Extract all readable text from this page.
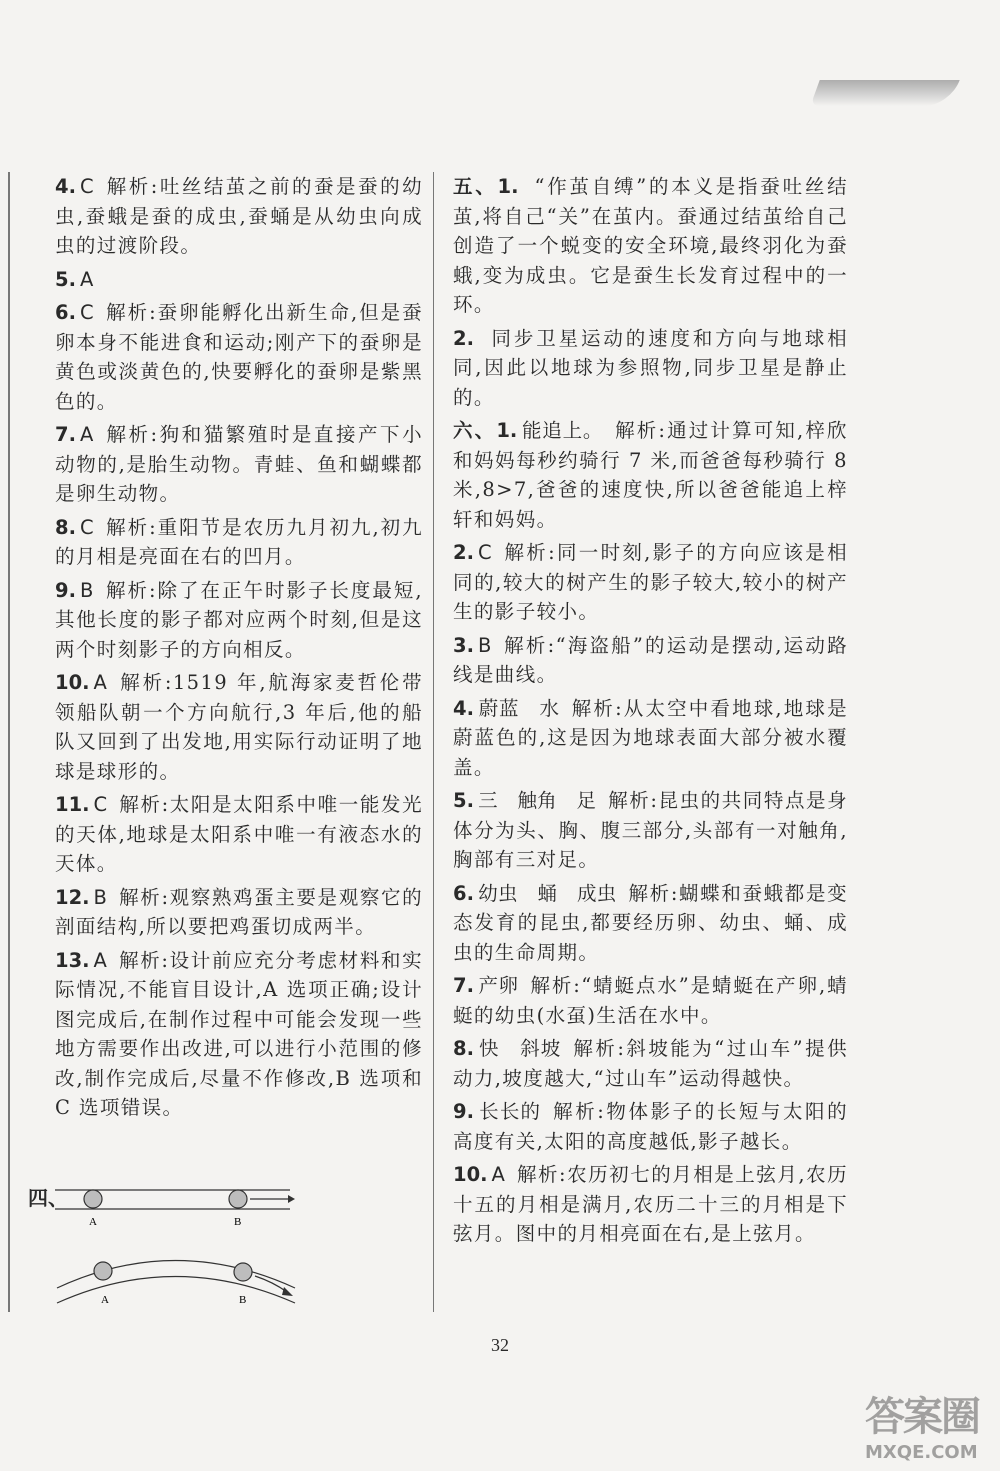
4. C 解析:吐丝结茧之前的蚕是蚕的幼虫,蚕蛾是蚕的成虫,蚕蛹是从幼虫向成虫的过渡阶段。
5. A
6. C 解析:蚕卵能孵化出新生命,但是蚕卵本身不能进食和运动;刚产下的蚕卵是黄色或淡黄色的,快要孵化的蚕卵是紫黑色的。
7. A 解析:狗和猫繁殖时是直接产下小动物的,是胎生动物。青蛙、鱼和蝴蝶都是卵生动物。
8. C 解析:重阳节是农历九月初九,初九的月相是亮面在右的凹月。
9. B 解析:除了在正午时影子长度最短,其他长度的影子都对应两个时刻,但是这两个时刻影子的方向相反。
10. A 解析:1519 年,航海家麦哲伦带领船队朝一个方向航行,3 年后,他的船队又回到了出发地,用实际行动证明了地球是球形的。
11. C 解析:太阳是太阳系中唯一能发光的天体,地球是太阳系中唯一有液态水的天体。
12. B 解析:观察熟鸡蛋主要是观察它的剖面结构,所以要把鸡蛋切成两半。
13. A 解析:设计前应充分考虑材料和实际情况,不能盲目设计,A 选项正确;设计图完成后,在制作过程中可能会发现一些地方需要作出改进,可以进行小范围的修改,制作完成后,尽量不作修改,B 选项和 C 选项错误。
五、1. “作茧自缚”的本义是指蚕吐丝结茧,将自己“关”在茧内。蚕通过结茧给自己创造了一个蜕变的安全环境,最终羽化为蚕蛾,变为成虫。它是蚕生长发育过程中的一环。
2. 同步卫星运动的速度和方向与地球相同,因此以地球为参照物,同步卫星是静止的。
六、1. 能追上。 解析:通过计算可知,梓欣和妈妈每秒约骑行 7 米,而爸爸每秒骑行 8 米,8>7,爸爸的速度快,所以爸爸能追上梓轩和妈妈。
2. C 解析:同一时刻,影子的方向应该是相同的,较大的树产生的影子较大,较小的树产生的影子较小。
3. B 解析:“海盗船”的运动是摆动,运动路线是曲线。
4. 蔚蓝　水 解析:从太空中看地球,地球是蔚蓝色的,这是因为地球表面大部分被水覆盖。
5. 三　触角　足 解析:昆虫的共同特点是身体分为头、胸、腹三部分,头部有一对触角,胸部有三对足。
6. 幼虫　蛹　成虫 解析:蝴蝶和蚕蛾都是变态发育的昆虫,都要经历卵、幼虫、蛹、成虫的生命周期。
7. 产卵 解析:“蜻蜓点水”是蜻蜓在产卵,蜻蜓的幼虫(水虿)生活在水中。
8. 快　斜坡 解析:斜坡能为“过山车”提供动力,坡度越大,“过山车”运动得越快。
9. 长长的 解析:物体影子的长短与太阳的高度有关,太阳的高度越低,影子越长。
10. A 解析:农历初七的月相是上弦月,农历十五的月相是满月,农历二十三的月相是下弦月。图中的月相亮面在右,是上弦月。
四、
A	B
A	B
32
答案圈
MXQE.COM
